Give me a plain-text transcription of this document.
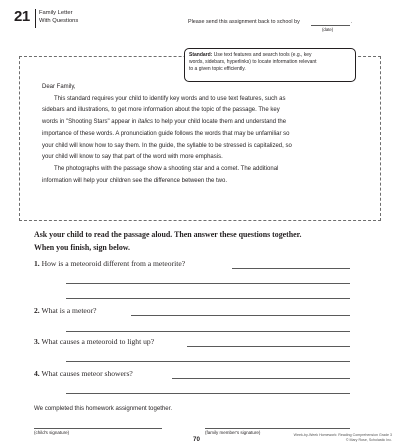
21 Family Letter
With Questions	Please send this assignment back to school by	.
(date)
Standard: Use text features and search tools (e.g., key
words, sidebars, hyperlinks) to locate information relevant
to a given topic efficiently.

Dear Family,

This standard requires your child to identify key words and to use text features, such as

sidebars and illustrations, to get more information about the topic of the passage. The key

words in "Shooting Stars" appear in italics to help your child locate them and understand the

importance of these words. A pronunciation guide follows the words that may be unfamiliar so

your child will know how to say them. In the guide, the syllable to be stressed is capitalized, so

your child will know to say that part of the word with more emphasis.

The photographs with the passage show a shooting star and a comet. The additional

information will help your children see the difference between the two.

Ask your child to read the passage aloud. Then answer these questions together.
When you finish, sign below.
1. How is a meteoroid different from a meteorite?
2. What is a meteor?
3. What causes a meteoroid to light up?
4. What causes meteor showers?
We completed this homework assignment together.
(child's signature)	(family member's signature)
70
Week-by-Week Homework: Reading Comprehension Grade 3
© Mary Rose, Scholastic Inc.
